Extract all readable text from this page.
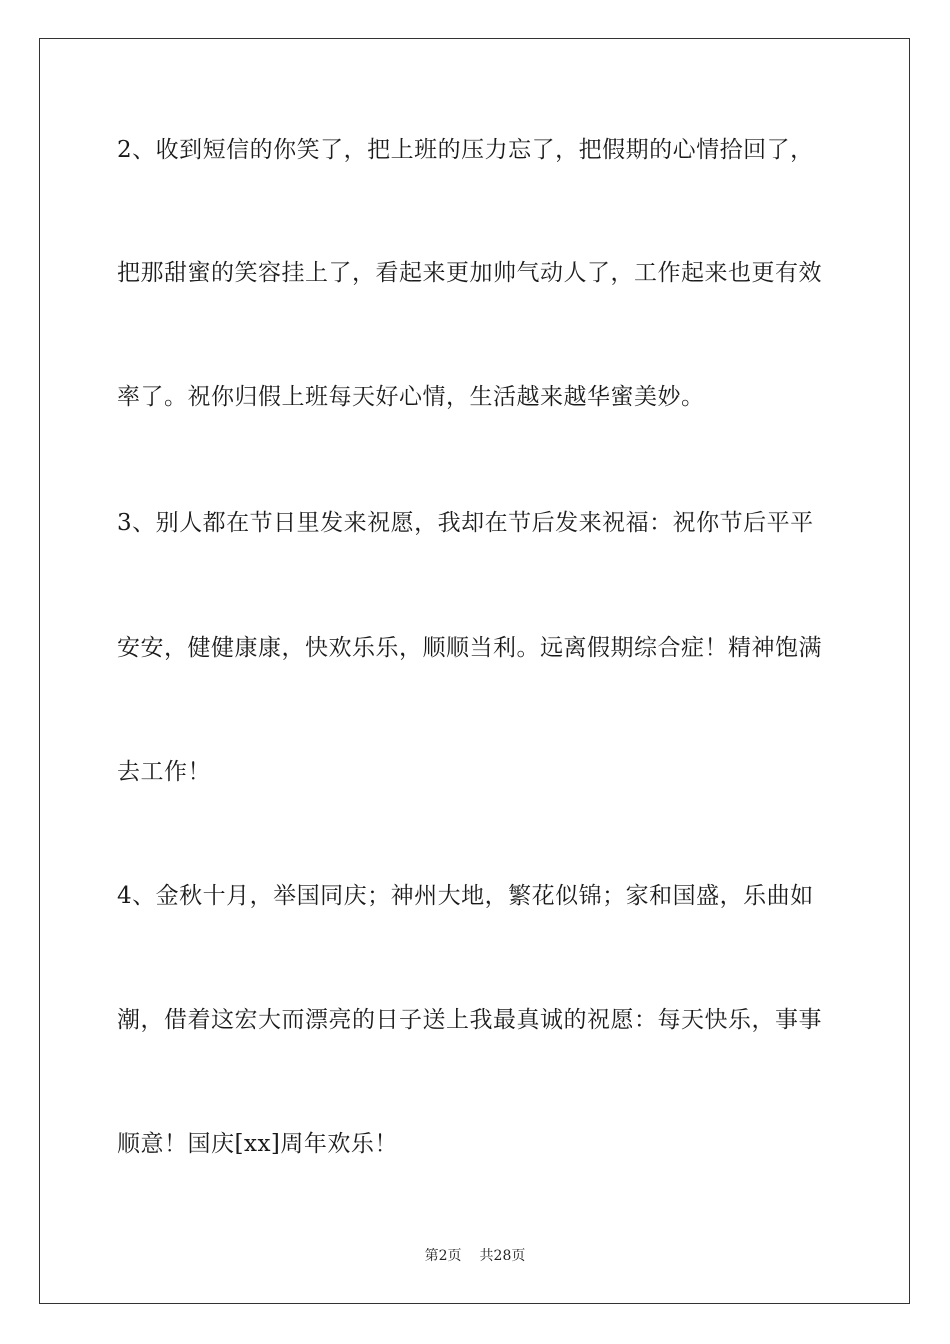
2、收到短信的你笑了，把上班的压力忘了，把假期的心情拾回了，
把那甜蜜的笑容挂上了，看起来更加帅气动人了，工作起来也更有效
率了。祝你归假上班每天好心情，生活越来越华蜜美妙。
3、别人都在节日里发来祝愿，我却在节后发来祝福：祝你节后平平
安安，健健康康，快欢乐乐，顺顺当利。远离假期综合症！精神饱满
去工作！
4、金秋十月，举国同庆；神州大地，繁花似锦；家和国盛，乐曲如
潮，借着这宏大而漂亮的日子送上我最真诚的祝愿：每天快乐，事事
顺意！国庆[xx]周年欢乐！
第2页 共28页
